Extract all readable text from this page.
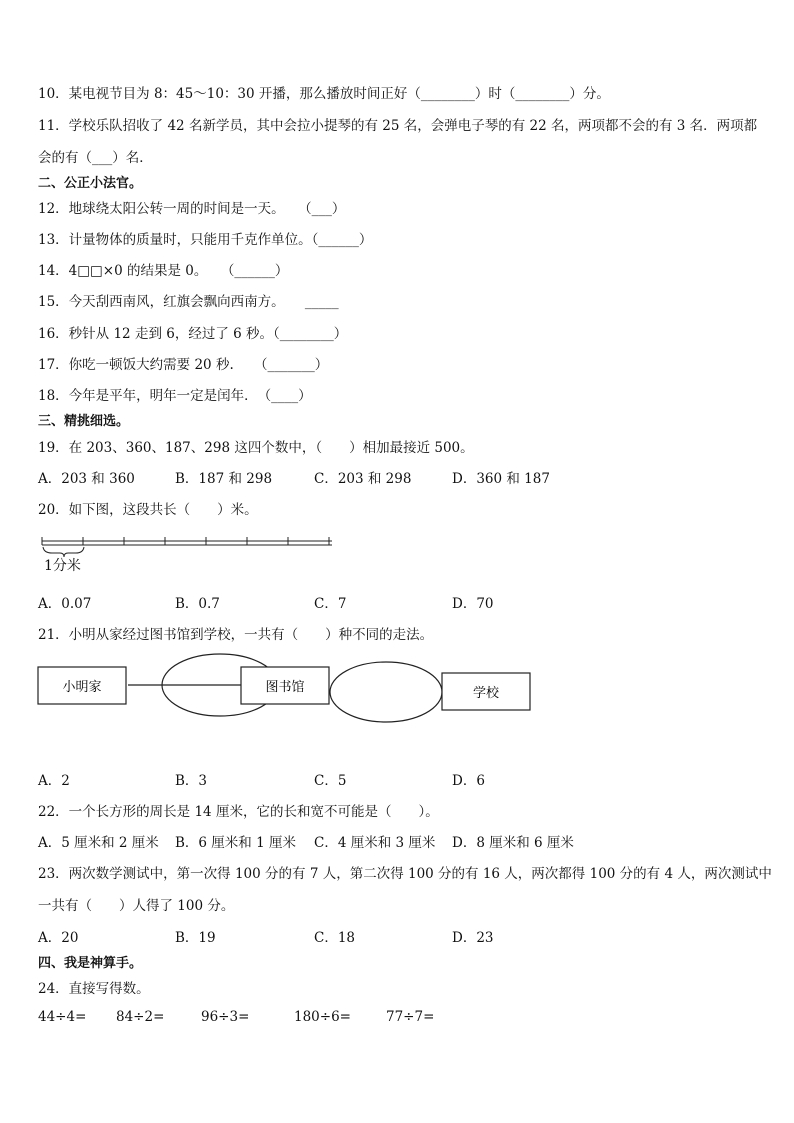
10．某电视节目为 8：45～10：30 开播，那么播放时间正好（________）时（________）分。
11．学校乐队招收了 42 名新学员，其中会拉小提琴的有 25 名，会弹电子琴的有 22 名，两项都不会的有 3 名．两项都
会的有（___）名．
二、公正小法官。
12．地球绕太阳公转一周的时间是一天。　　（___）
13．计量物体的质量时，只能用千克作单位。（______）
14．4□□×0 的结果是 0。　　（______）
15．今天刮西南风，红旗会飘向西南方。　　_____
16．秒针从 12 走到 6，经过了 6 秒。（________）
17．你吃一顿饭大约需要 20 秒.　　（_______）
18．今年是平年，明年一定是闰年．　（____）
三、精挑细选。
19．在 203、360、187、298 这四个数中，（　　）相加最接近 500。
A．203 和 360	B．187 和 298	C．203 和 298	D．360 和 187
20．如下图，这段共长（　　）米。
1分米
A．0.07	B．0.7	C．7	D．70
21．小明从家经过图书馆到学校，一共有（　　）种不同的走法。
小明家	图书馆	学校
A．2	B．3	C．5	D．6
22．一个长方形的周长是 14 厘米，它的长和宽不可能是（　　）。
A．5 厘米和 2 厘米 B．6 厘米和 1 厘米 C．4 厘米和 3 厘米 D．8 厘米和 6 厘米
23．两次数学测试中，第一次得 100 分的有 7 人，第二次得 100 分的有 16 人，两次都得 100 分的有 4 人，两次测试中
一共有（　　）人得了 100 分。
A．20	B．19	C．18	D．23
四、我是神算手。
24．直接写得数。
44÷4= 84÷2=	96÷3=	180÷6=	77÷7=
